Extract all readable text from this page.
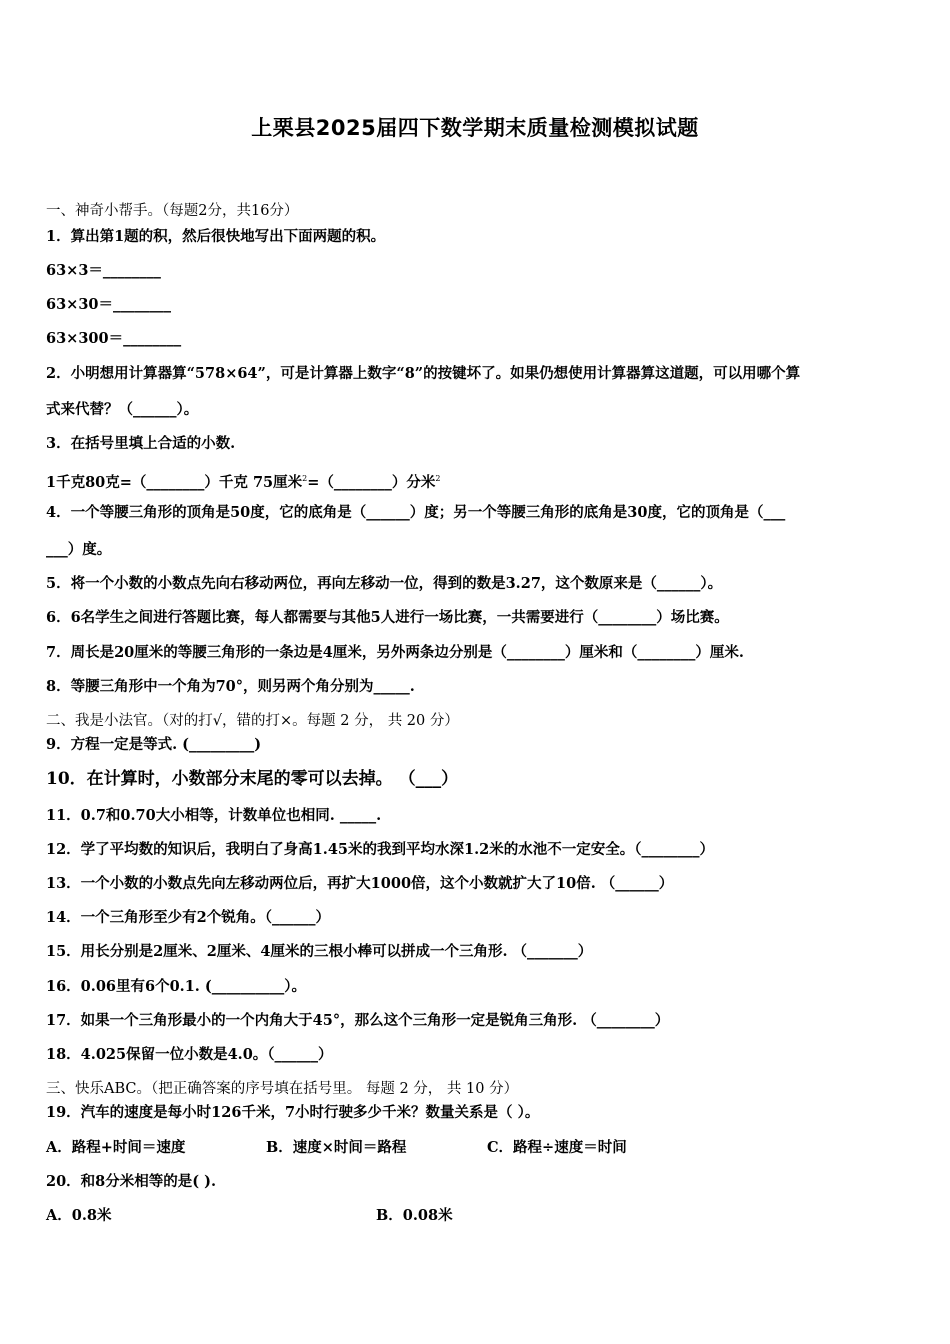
上栗县2025届四下数学期末质量检测模拟试题
一、神奇小帮手。（每题2分，共16分）
1．算出第1题的积，然后很快地写出下面两题的积。
63×3＝________
63×30＝________
63×300＝________
2．小明想用计算器算“578×64”，可是计算器上数字“8”的按键坏了。如果仍想使用计算器算这道题，可以用哪个算
式来代替？（______）。
3．在括号里填上合适的小数.
1千克80克=（________）千克 75厘米$^2$=（________）分米$^2$
4．一个等腰三角形的顶角是50度，它的底角是（______）度；另一个等腰三角形的底角是30度，它的顶角是（___
___）度。
5．将一个小数的小数点先向右移动两位，再向左移动一位，得到的数是3.27，这个数原来是（______）。
6．6名学生之间进行答题比赛，每人都需要与其他5人进行一场比赛，一共需要进行（________）场比赛。
7．周长是20厘米的等腰三角形的一条边是4厘米，另外两条边分别是（________）厘米和（________）厘米.
8．等腰三角形中一个角为70°，则另两个角分别为_____.
二、我是小法官。（对的打√，错的打×。每题 2 分， 共 20 分）
9．方程一定是等式. (_________)
10．在计算时，小数部分末尾的零可以去掉。 （___）
11．0.7和0.70大小相等，计数单位也相同. _____.
12．学了平均数的知识后，我明白了身高1.45米的我到平均水深1.2米的水池不一定安全。（________）
13．一个小数的小数点先向左移动两位后，再扩大1000倍，这个小数就扩大了10倍. （______）
14．一个三角形至少有2个锐角。（______）
15．用长分别是2厘米、2厘米、4厘米的三根小棒可以拼成一个三角形. （_______）
16．0.06里有6个0.1. (__________）。
17．如果一个三角形最小的一个内角大于45°，那么这个三角形一定是锐角三角形. （________）
18．4.025保留一位小数是4.0。（______）
三、快乐ABC。（把正确答案的序号填在括号里。 每题 2 分， 共 10 分）
19．汽车的速度是每小时126千米，7小时行驶多少千米？数量关系是（ ）。
A．路程+时间＝速度	B．速度×时间＝路程	C．路程÷速度＝时间
20．和8分米相等的是( ).
A．0.8米	B．0.08米
